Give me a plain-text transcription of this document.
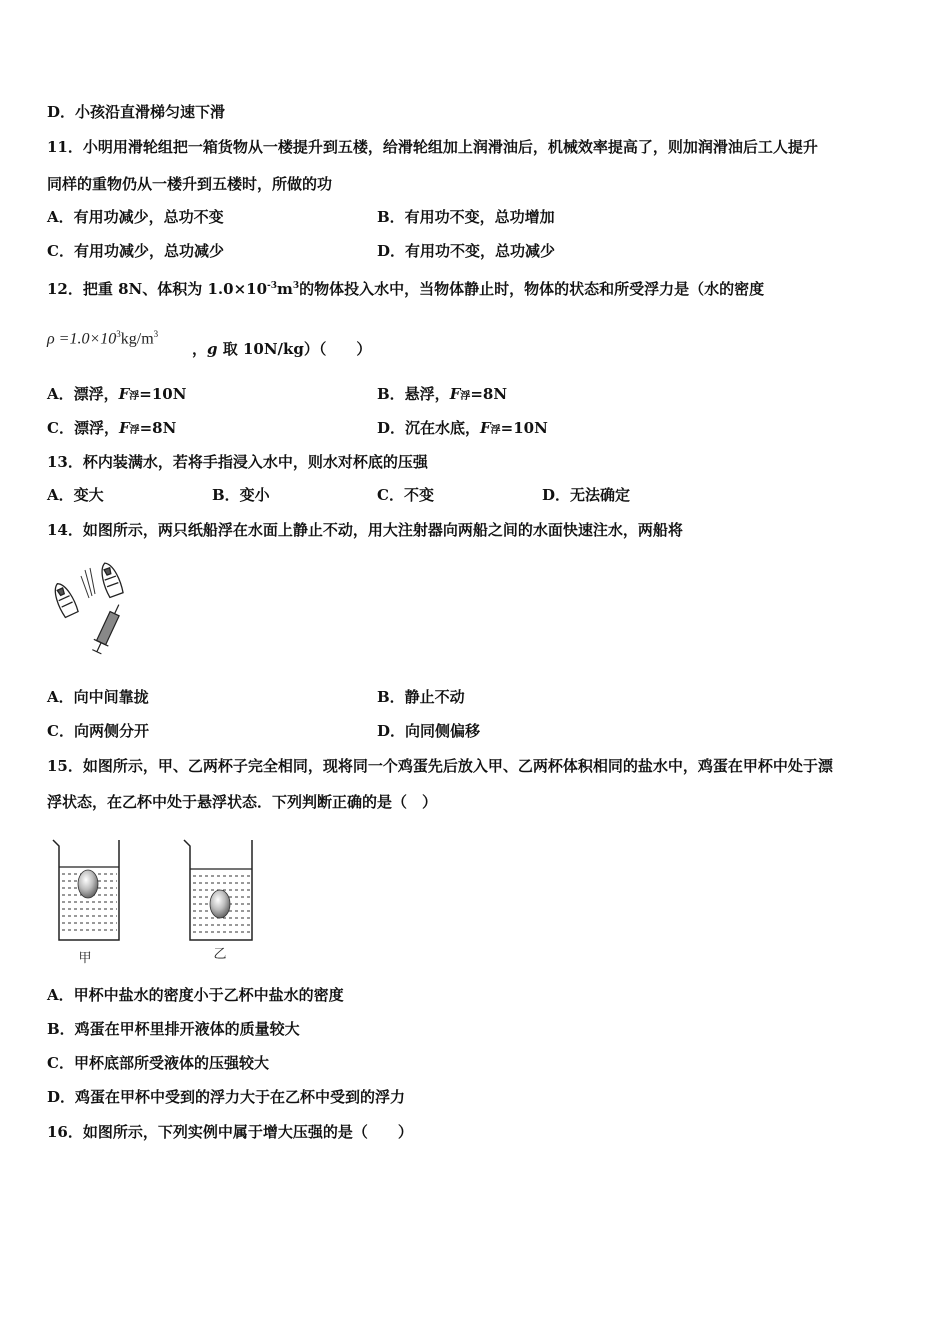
D．小孩沿直滑梯匀速下滑
11．小明用滑轮组把一箱货物从一楼提升到五楼，给滑轮组加上润滑油后，机械效率提高了，则加润滑油后工人提升
同样的重物仍从一楼升到五楼时，所做的功
A．有用功减少，总功不变	B．有用功不变，总功增加
C．有用功减少，总功减少	D．有用功不变，总功减少
12．把重 8N、体积为 $1.0\times 10^{-3}m^3$的物体投入水中，当物体静止时，物体的状态和所受浮力是（水的密度
$\rho =1.0\times 10^3kg/m^3$
，g 取 10N/kg）（　　）
A．漂浮，F浮=10N	B．悬浮，F浮=8N
C．漂浮，F浮=8N	D．沉在水底，F浮=10N
13．杯内装满水，若将手指浸入水中，则水对杯底的压强
A．变大	B．变小	C．不变	D．无法确定
14．如图所示，两只纸船浮在水面上静止不动，用大注射器向两船之间的水面快速注水，两船将
A．向中间靠拢	B．静止不动
C．向两侧分开	D．向同侧偏移
15．如图所示，甲、乙两杯子完全相同，现将同一个鸡蛋先后放入甲、乙两杯体积相同的盐水中，鸡蛋在甲杯中处于漂
浮状态，在乙杯中处于悬浮状态．下列判断正确的是（　）
甲	乙
A．甲杯中盐水的密度小于乙杯中盐水的密度
B．鸡蛋在甲杯里排开液体的质量较大
C．甲杯底部所受液体的压强较大
D．鸡蛋在甲杯中受到的浮力大于在乙杯中受到的浮力
16．如图所示，下列实例中属于增大压强的是（　　）
